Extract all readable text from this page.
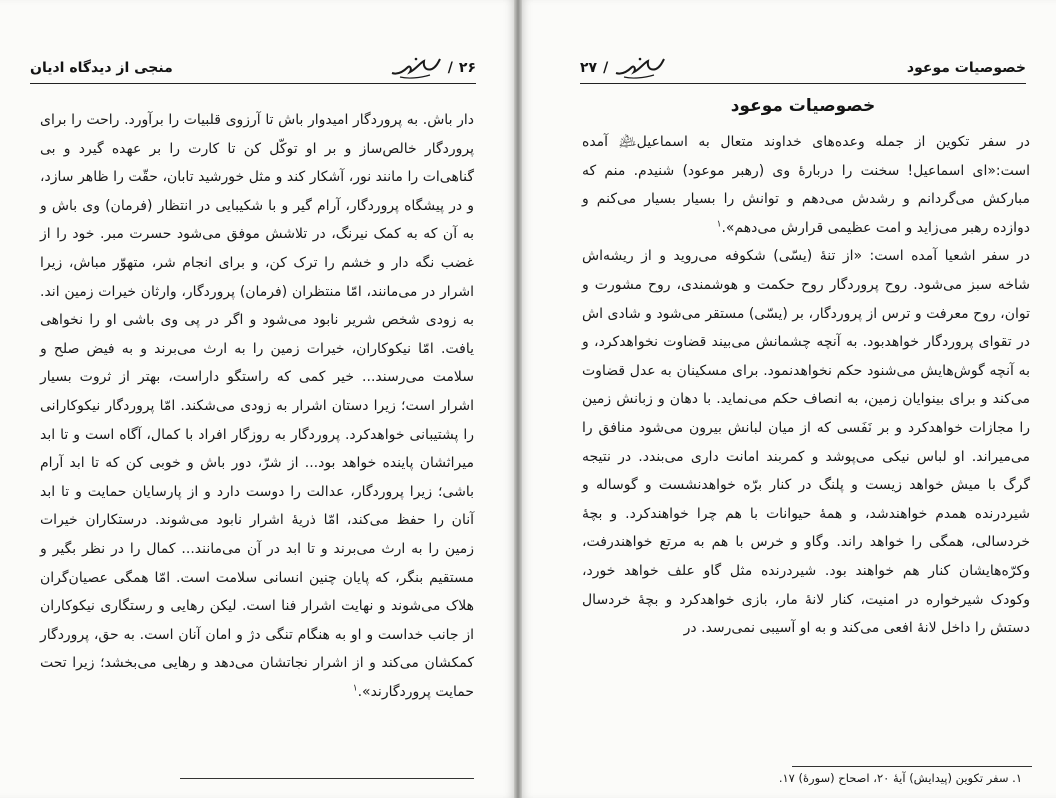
۲۶
/
منجی از دیدگاه ادیان

دار باش. به پروردگار امیدوار باش تا آرزوی قلبیات را برآورد. راحت را برای پروردگار خالص‌ساز و بر او توکّل کن تا کارت را بر عهده گیرد و بی گناهی‌ات را مانند نور، آشکار کند و مثل خورشید تابان، حقّت را ظاهر سازد، و در پیشگاه پروردگار، آرام گیر و با شکیبایی در انتظار (فرمان) وی باش و به آن که به کمک نیرنگ، در تلاشش موفق می‌شود حسرت مبر. خود را از غضب نگه دار و خشم را ترک کن، و برای انجام شر، متهوّر مباش، زیرا اشرار در می‌مانند، امّا منتظران (فرمان) پروردگار، وارثان خیرات زمین اند. به زودی شخص شریر نابود می‌شود و اگر در پی وی باشی او را نخواهی یافت. امّا نیکوکاران، خیرات زمین را به ارث می‌برند و به فیض صلح و سلامت می‌رسند... خیر کمی که راستگو داراست، بهتر از ثروت بسیار اشرار است؛ زیرا دستان اشرار به زودی می‌شکند. امّا پروردگار نیکوکارانی را پشتیبانی خواهدکرد. پروردگار به روزگار افراد با کمال، آگاه است و تا ابد میراثشان پاینده خواهد بود... از شرّ، دور باش و خوبی کن که تا ابد آرام باشی؛ زیرا پروردگار، عدالت را دوست دارد و از پارسایان حمایت و تا ابد آنان را حفظ می‌کند، امّا ذریهٔ اشرار نابود می‌شوند. درستکاران خیرات زمین را به ارث می‌برند و تا ابد در آن می‌مانند... کمال را در نظر بگیر و مستقیم بنگر، که پایان چنین انسانی سلامت است. امّا همگی عصیان‌گران هلاک می‌شوند و نهایت اشرار فنا است. لیکن رهایی و رستگاری نیکوکاران از جانب خداست و او به هنگام تنگی دژ و امان آنان است. به حق، پروردگار کمکشان می‌کند و از اشرار نجاتشان می‌دهد و رهایی می‌بخشد؛ زیرا تحت حمایت پروردگارند».$^۱$

خصوصیات موعود
/
۲۷
خصوصیات موعود

در سفر تکوین از جمله وعده‌های خداوند متعال به اسماعیل﵇ آمده است:«ای اسماعیل! سخنت را دربارهٔ وی (رهبر موعود) شنیدم. منم که مبارکش می‌گردانم و رشدش می‌دهم و توانش را بسیار بسیار می‌کنم و دوازده رهبر می‌زاید و امت عظیمی قرارش می‌دهم».$^۱$

در سفر اشعیا آمده است: «از تنهٔ (یسّی) شکوفه می‌روید و از ریشه‌اش شاخه سبز می‌شود. روح پروردگار روح حکمت و هوشمندی، روح مشورت و توان، روح معرفت و ترس از پروردگار، بر (یسّی) مستقر می‌شود و شادی اش در تقوای پروردگار خواهدبود. به آنچه چشمانش می‌بیند قضاوت نخواهدکرد، و به آنچه گوش‌هایش می‌شنود حکم نخواهدنمود. برای مسکینان به عدل قضاوت می‌کند و برای بینوایان زمین، به انصاف حکم می‌نماید. با دهان و زبانش زمین را مجازات خواهدکرد و بر نَفَسی که از میان لبانش بیرون می‌شود منافق را می‌میراند. او لباس نیکی می‌پوشد و کمربند امانت داری می‌بندد. در نتیجه گرگ با میش خواهد زیست و پلنگ در کنار برّه خواهدنشست و گوساله و شیردرنده همدم خواهندشد، و همهٔ حیوانات با هم چرا خواهندکرد. و بچهٔ خردسالی، همگی را خواهد راند. وگاو و خرس با هم به مرتع خواهندرفت، وکرّه‌هایشان کنار هم خواهند بود. شیردرنده مثل گاو علف خواهد خورد، وکودک شیرخواره در امنیت، کنار لانهٔ مار، بازی خواهدکرد و بچهٔ خردسال دستش را داخل لانهٔ افعی می‌کند و به او آسیبی نمی‌رسد. در

۱. سفر تکوین (پیدایش) آیهٔ ۲۰، اصحاح (سورهٔ) ۱۷.
